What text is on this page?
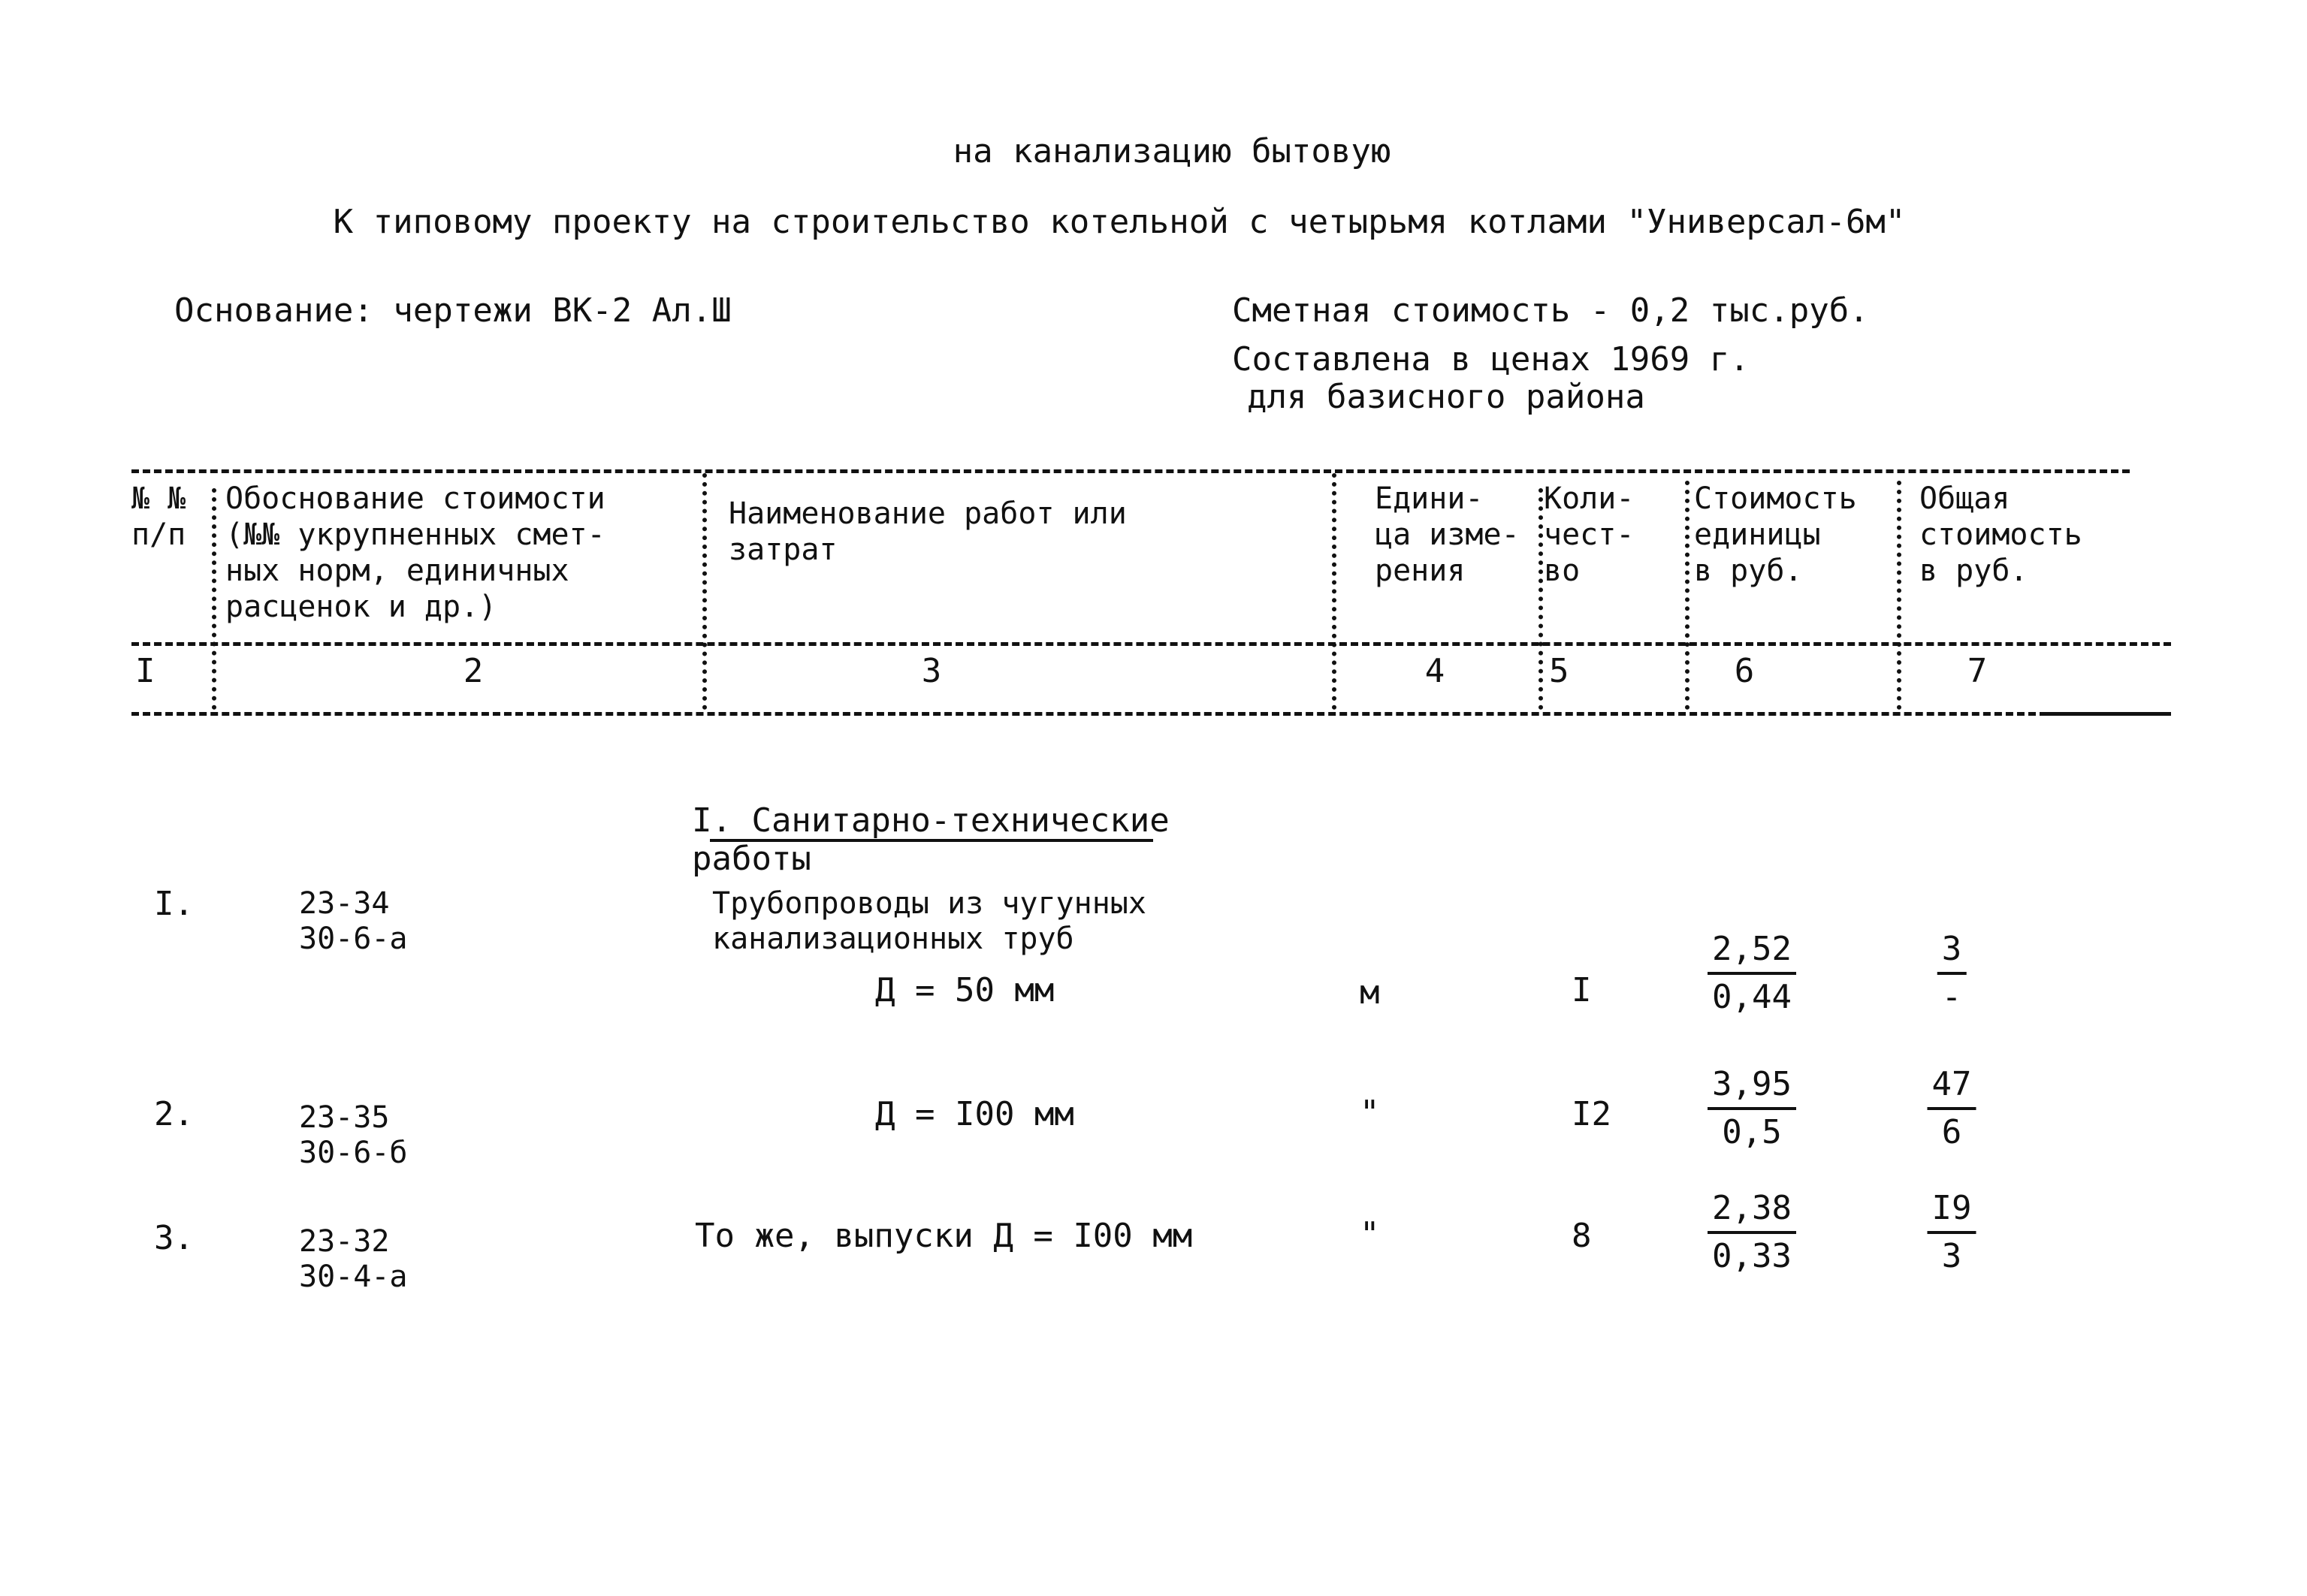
на канализацию бытовую
К типовому проекту на строительство котельной с четырьмя котлами "Универсал-6м"
Основание: чертежи ВК-2 Ал.Ш	Сметная стоимость - 0,2 тыс.руб.
Составлена в ценах 1969 г.
для базисного района
№ №
п/п
Обоснование стоимости
(№№ укрупненных смет-
ных норм, единичных
расценок и др.)
Наименование работ или
затрат
Едини-
ца изме-
рения
Коли-
чест-
во
Стоимость
единицы
в руб.
Общая
стоимость
в руб.
I	2	3	4	5	6	7

I. Санитарно-технические работы

I.	23-34
30-6-а
Трубопроводы из чугунных
канализационных труб
Д = 50 мм	м	I	$\frac{2,52}{0,44}$	3
-
2.	23-35
30-6-б
Д = I00 мм	"	I2	$\frac{3,95}{0,5}$	$\frac{47}{6}$
3.	23-32
30-4-а
То же, выпуски Д = I00 мм	"	8	$\frac{2,38}{0,33}$	$\frac{I9}{3}$
